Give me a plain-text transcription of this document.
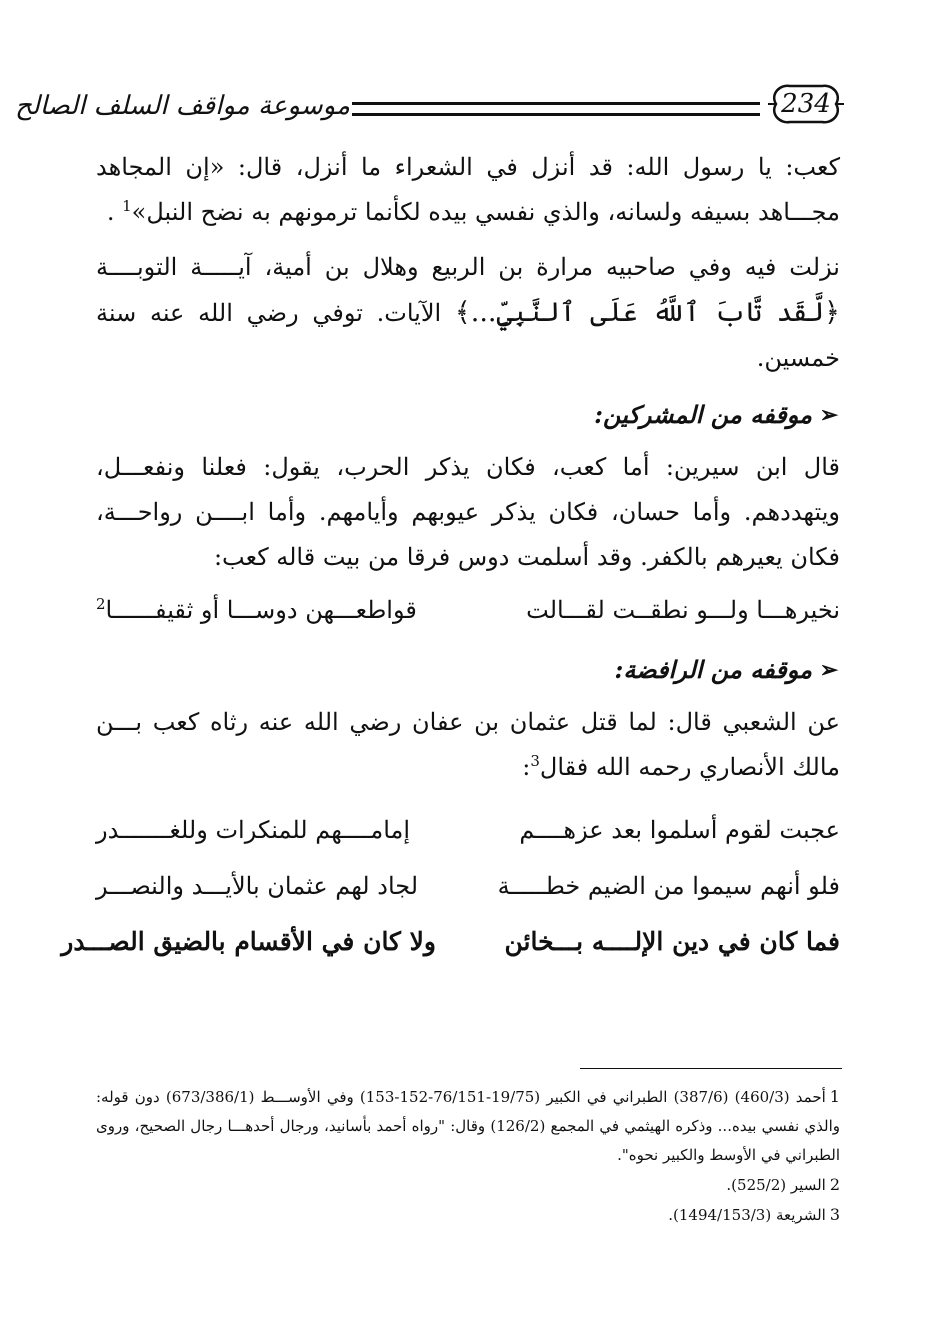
موسوعة مواقف السلف الصالح	234

كعب: يا رسول الله: قد أنزل في الشعراء ما أنزل، قال: «إن المجاهد مجـــاهد بسيفه ولسانه، والذي نفسي بيده لكأنما ترمونهم به نضح النبل»$^1$ .

نزلت فيه وفي صاحبيه مرارة بن الربيع وهلال بن أمية، آيـــــة التوبــــة ﴿لَّقَد تَّابَ ٱللَّهُ عَلَى ٱلنَّبِيِّ...﴾ الآيات. توفي رضي الله عنه سنة خمسين.

➢
موقفه من المشركين:

قال ابن سيرين: أما كعب، فكان يذكر الحرب، يقول: فعلنا ونفعـــل، ويتهددهم. وأما حسان، فكان يذكر عيوبهم وأيامهم. وأما ابــــن رواحـــة، فكان يعيرهم بالكفر. وقد أسلمت دوس فرقا من بيت قاله كعب:

نخيرهـــا ولـــو نطقــت لقـــالت
قواطعـــهن دوســـا أو ثقيفــــــا$^2$
➢
موقفه من الرافضة:

عن الشعبي قال: لما قتل عثمان بن عفان رضي الله عنه رثاه كعب بـــن مالك الأنصاري رحمه الله فقال$^3$:

عجبت لقوم أسلموا بعد عزهــــم
إمامــــهم للمنكرات وللغـــــــدر
فلو أنهم سيموا من الضيم خطـــــة
لجاد لهم عثمان بالأيـــد والنصـــر
فما كان في دين الإلــــه بـــخائن
ولا كان في الأقسام بالضيق الصـــدر

1أحمد (460/3) (387/6) الطبراني في الكبير (19/75-76/151-152-153) وفي الأوســـط (673/386/1) دون قوله: والذي نفسي بيده... وذكره الهيثمي في المجمع (126/2) وقال: "رواه أحمد بأسانيد، ورجال أحدهـــا رجال الصحيح، وروى الطبراني في الأوسط والكبير نحوه".

2السير (525/2).

3الشريعة (1494/153/3).
